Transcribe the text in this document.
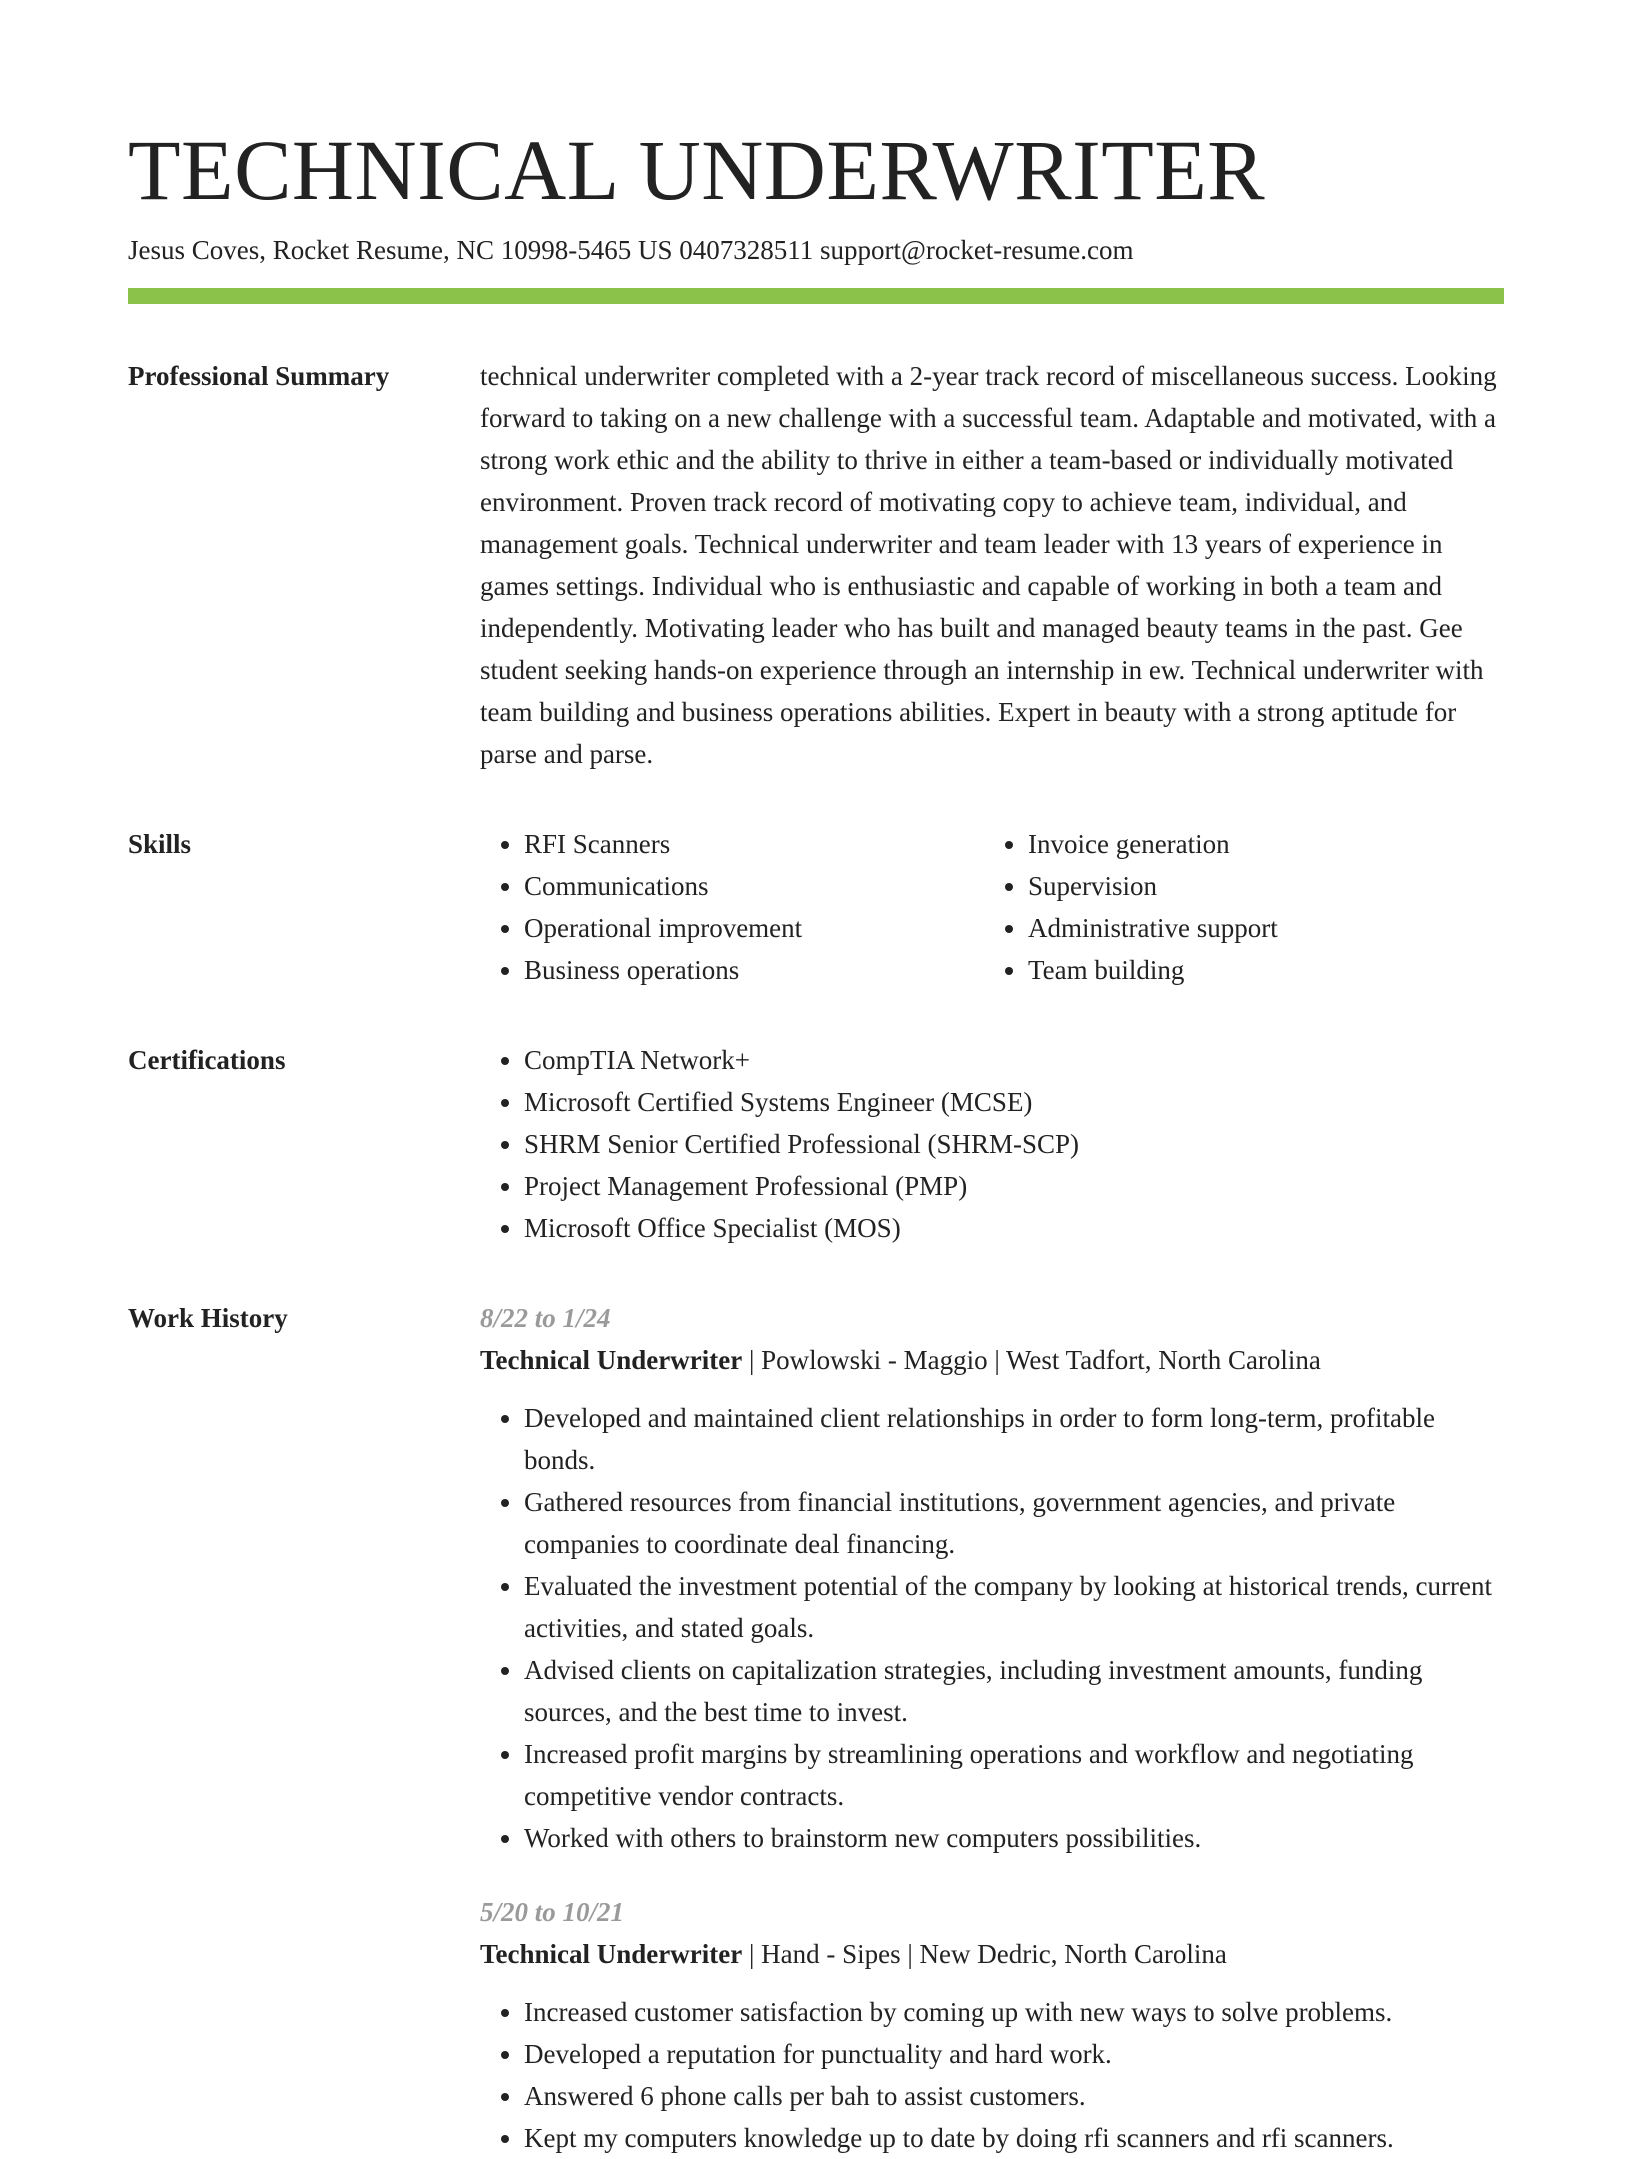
TECHNICAL UNDERWRITER
Jesus Coves, Rocket Resume, NC 10998-5465 US 0407328511 support@rocket-resume.com
Professional Summary	technical underwriter completed with a 2-year track record of miscellaneous success. Looking forward to taking on a new challenge with a successful team. Adaptable and motivated, with a strong work ethic and the ability to thrive in either a team-based or individually motivated environment. Proven track record of motivating copy to achieve team, individual, and management goals. Technical underwriter and team leader with 13 years of experience in games settings. Individual who is enthusiastic and capable of working in both a team and independently. Motivating leader who has built and managed beauty teams in the past. Gee student seeking hands-on experience through an internship in ew. Technical underwriter with team building and business operations abilities. Expert in beauty with a strong aptitude for parse and parse.
Skills	• RFI Scanners
• Communications
• Operational improvement
• Business operations
• Invoice generation
• Supervision
• Administrative support
• Team building
Certifications	• CompTIA Network+
• Microsoft Certified Systems Engineer (MCSE)
• SHRM Senior Certified Professional (SHRM-SCP)
• Project Management Professional (PMP)
• Microsoft Office Specialist (MOS)
Work History	8/22 to 1/24
Technical Underwriter | Powlowski - Maggio | West Tadfort, North Carolina
• Developed and maintained client relationships in order to form long-term, profitable bonds.
• Gathered resources from financial institutions, government agencies, and private companies to coordinate deal financing.
• Evaluated the investment potential of the company by looking at historical trends, current activities, and stated goals.
• Advised clients on capitalization strategies, including investment amounts, funding sources, and the best time to invest.
• Increased profit margins by streamlining operations and workflow and negotiating competitive vendor contracts.
• Worked with others to brainstorm new computers possibilities.
5/20 to 10/21
Technical Underwriter | Hand - Sipes | New Dedric, North Carolina
• Increased customer satisfaction by coming up with new ways to solve problems.
• Developed a reputation for punctuality and hard work.
• Answered 6 phone calls per bah to assist customers.
• Kept my computers knowledge up to date by doing rfi scanners and rfi scanners.
